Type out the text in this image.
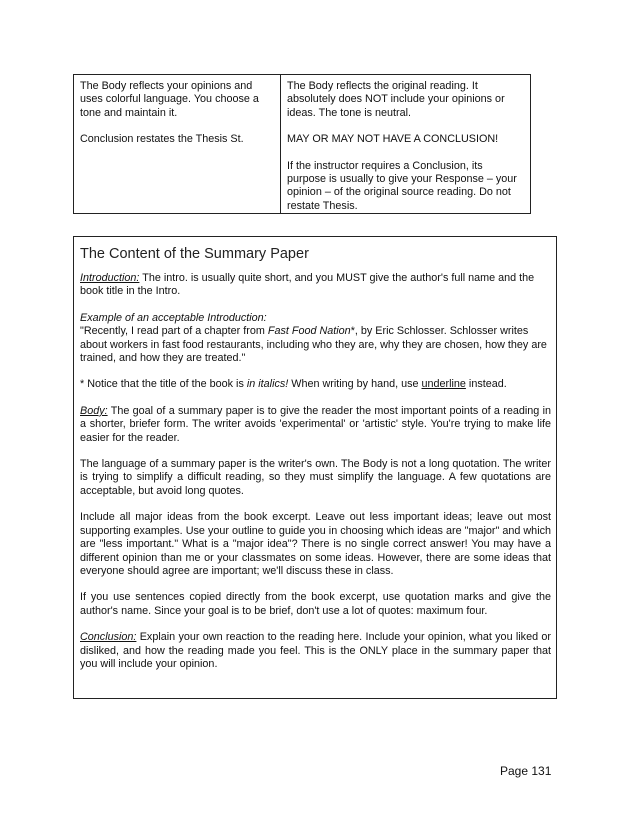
The Body reflects your opinions and uses colorful language. You choose a tone and maintain it.

Conclusion restates the Thesis St.

The Body reflects the original reading. It absolutely does NOT include your opinions or ideas. The tone is neutral.

MAY OR MAY NOT HAVE A CONCLUSION!

If the instructor requires a Conclusion, its purpose is usually to give your Response – your opinion – of the original source reading. Do not restate Thesis.

The Content of the Summary Paper

Introduction: The intro. is usually quite short, and you MUST give the author's full name and the book title in the Intro.

Example of an acceptable Introduction:
"Recently, I read part of a chapter from Fast Food Nation*, by Eric Schlosser. Schlosser writes about workers in fast food restaurants, including who they are, why they are chosen, how they are trained, and how they are treated."

* Notice that the title of the book is in italics! When writing by hand, use underline instead.

Body: The goal of a summary paper is to give the reader the most important points of a reading in a shorter, briefer form. The writer avoids 'experimental' or 'artistic' style. You're trying to make life easier for the reader.

The language of a summary paper is the writer's own. The Body is not a long quotation. The writer is trying to simplify a difficult reading, so they must simplify the language. A few quotations are acceptable, but avoid long quotes.

Include all major ideas from the book excerpt. Leave out less important ideas; leave out most supporting examples. Use your outline to guide you in choosing which ideas are "major" and which are "less important." What is a "major idea"? There is no single correct answer! You may have a different opinion than me or your classmates on some ideas. However, there are some ideas that everyone should agree are important; we'll discuss these in class.

If you use sentences copied directly from the book excerpt, use quotation marks and give the author's name. Since your goal is to be brief, don't use a lot of quotes: maximum four.

Conclusion: Explain your own reaction to the reading here. Include your opinion, what you liked or disliked, and how the reading made you feel. This is the ONLY place in the summary paper that you will include your opinion.

Page 131
